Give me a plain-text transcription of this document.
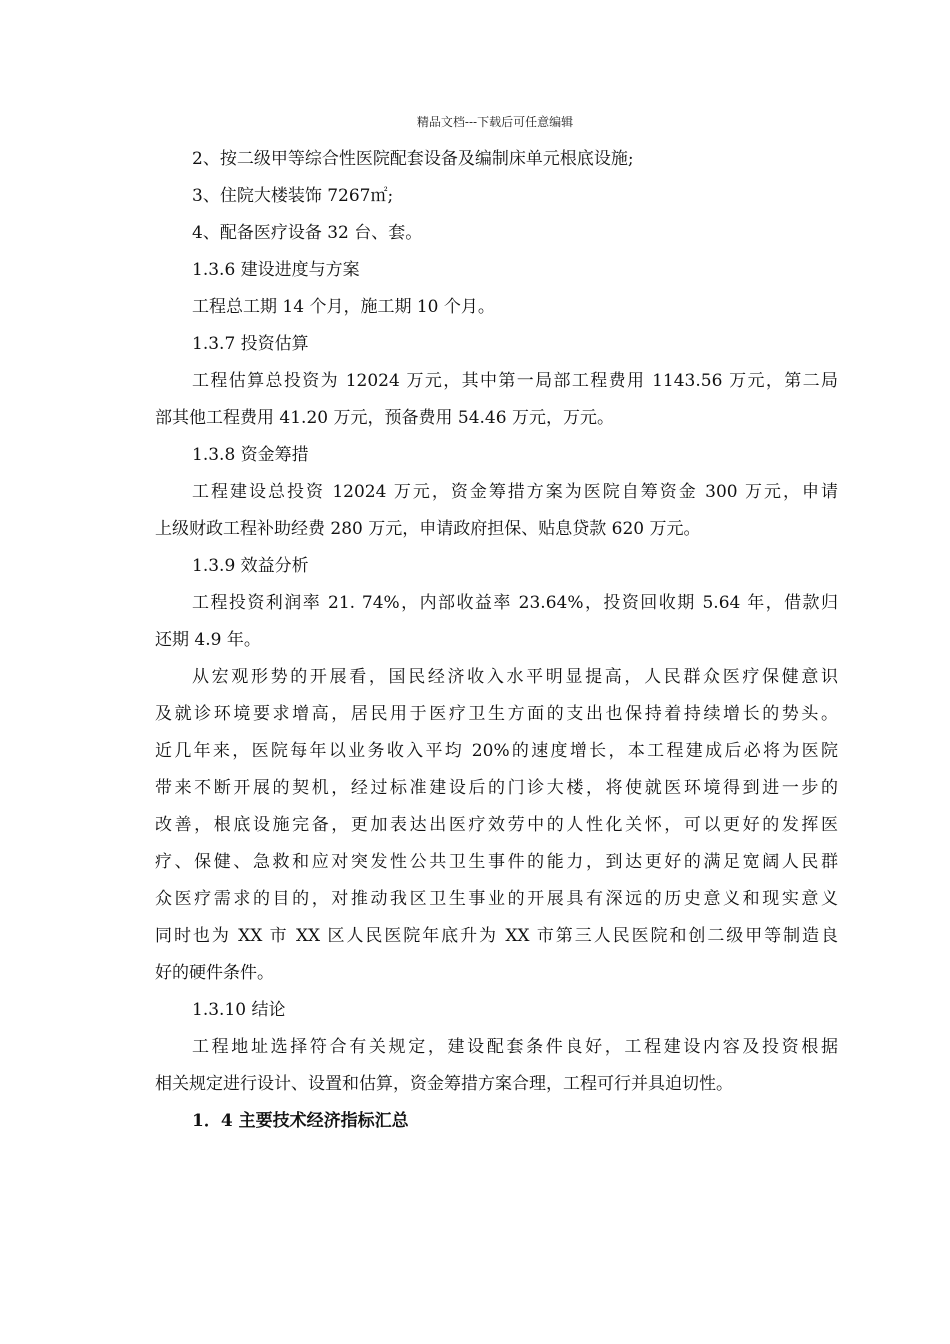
精品文档---下载后可任意编辑
2、按二级甲等综合性医院配套设备及编制床单元根底设施;
3、住院大楼装饰 7267㎡;
4、配备医疗设备 32 台、套。
1.3.6 建设进度与方案
工程总工期 14 个月，施工期 10 个月。
1.3.7 投资估算
工程估算总投资为 12024 万元，其中第一局部工程费用 1143.56 万元，第二局
部其他工程费用 41.20 万元，预备费用 54.46 万元，万元。
1.3.8 资金筹措
工程建设总投资 12024 万元，资金筹措方案为医院自筹资金 300 万元，申请
上级财政工程补助经费 280 万元，申请政府担保、贴息贷款 620 万元。
1.3.9 效益分析
工程投资利润率 21. 74%，内部收益率 23.64%，投资回收期 5.64 年，借款归
还期 4.9 年。
从宏观形势的开展看，国民经济收入水平明显提高，人民群众医疗保健意识
及就诊环境要求增高，居民用于医疗卫生方面的支出也保持着持续增长的势头。
近几年来，医院每年以业务收入平均 20%的速度增长，本工程建成后必将为医院
带来不断开展的契机，经过标准建设后的门诊大楼，将使就医环境得到进一步的
改善，根底设施完备，更加表达出医疗效劳中的人性化关怀，可以更好的发挥医
疗、保健、急救和应对突发性公共卫生事件的能力，到达更好的满足宽阔人民群
众医疗需求的目的，对推动我区卫生事业的开展具有深远的历史意义和现实意义
同时也为 XX 市 XX 区人民医院年底升为 XX 市第三人民医院和创二级甲等制造良
好的硬件条件。
1.3.10 结论
工程地址选择符合有关规定，建设配套条件良好，工程建设内容及投资根据
相关规定进行设计、设置和估算，资金筹措方案合理，工程可行并具迫切性。
1．4 主要技术经济指标汇总
